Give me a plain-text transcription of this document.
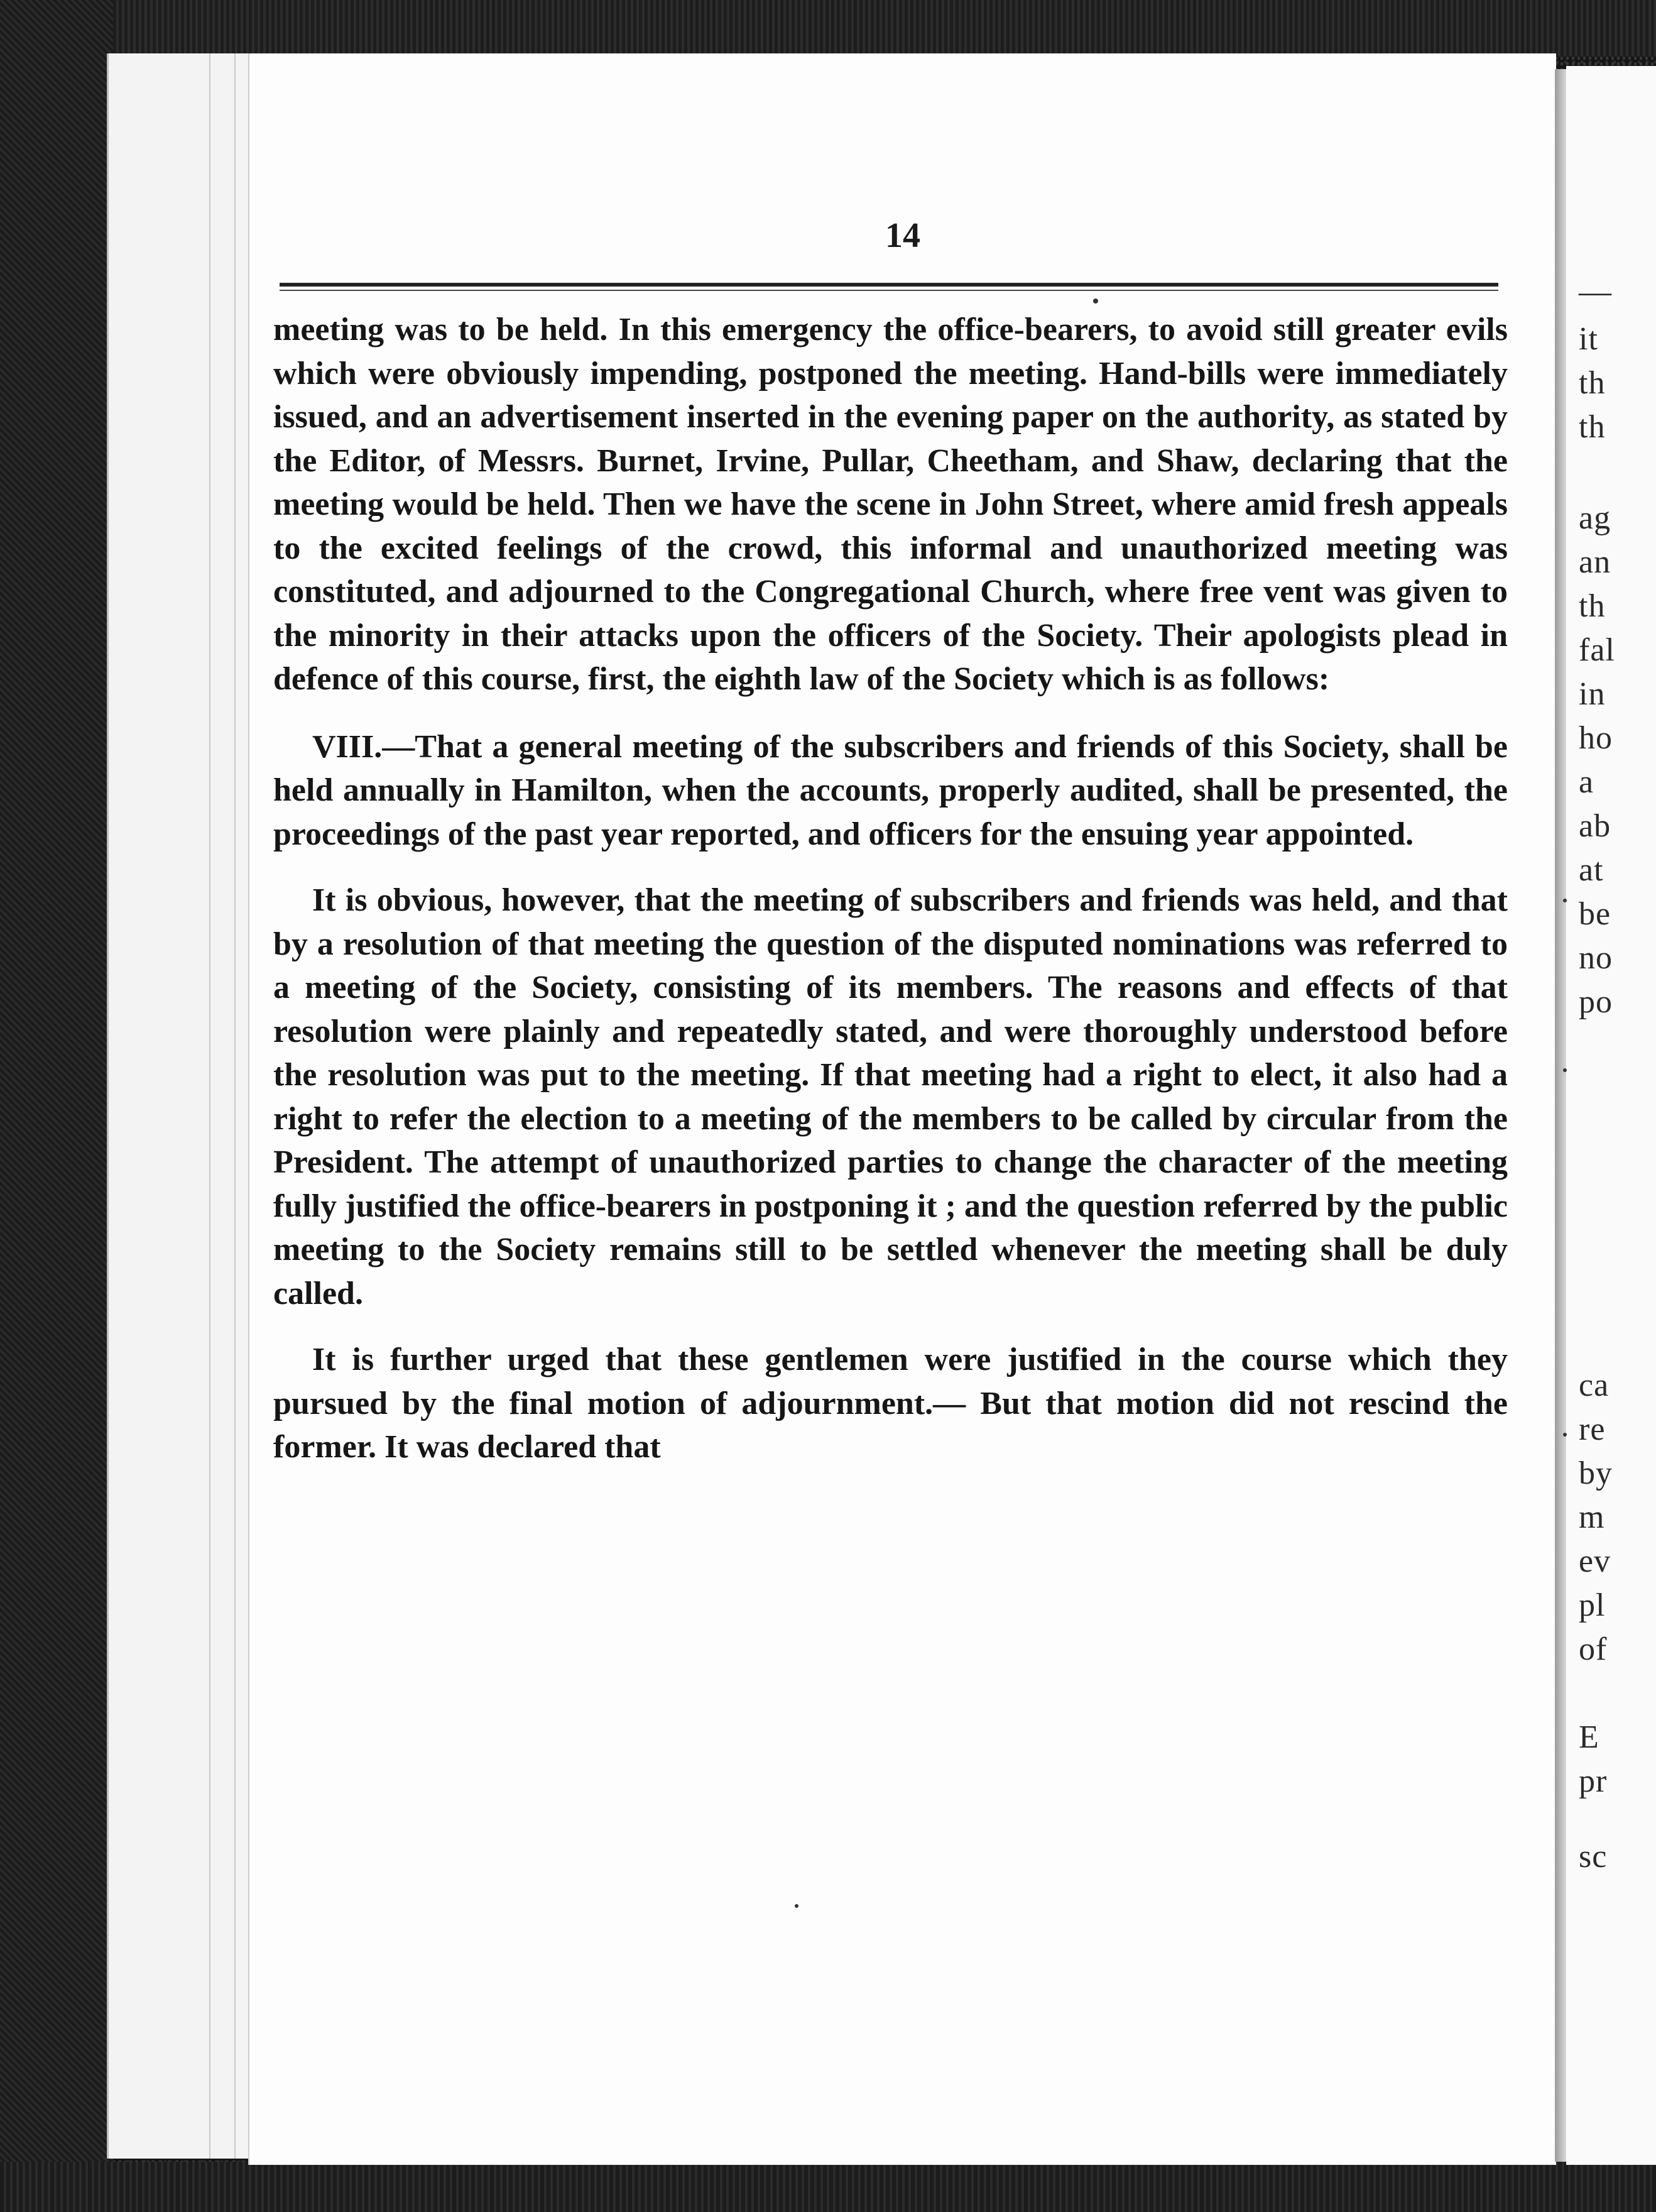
14

meeting was to be held. In this emergency the office-bearers, to avoid still greater evils which were obviously impending, postponed the meeting. Hand-bills were immediately issued, and an advertisement inserted in the evening paper on the authority, as stated by the Editor, of Messrs. Burnet, Irvine, Pullar, Cheetham, and Shaw, declaring that the meeting would be held. Then we have the scene in John Street, where amid fresh appeals to the excited feelings of the crowd, this informal and unauthorized meeting was constituted, and adjourned to the Congregational Church, where free vent was given to the minority in their attacks upon the officers of the Society. Their apologists plead in defence of this course, first, the eighth law of the Society which is as follows:

VIII.—That a general meeting of the subscribers and friends of this Society, shall be held annually in Hamilton, when the accounts, properly audited, shall be presented, the proceedings of the past year reported, and officers for the ensuing year appointed.

It is obvious, however, that the meeting of subscribers and friends was held, and that by a resolution of that meeting the question of the disputed nominations was referred to a meeting of the Society, consisting of its members. The reasons and effects of that resolution were plainly and repeatedly stated, and were thoroughly understood before the resolution was put to the meeting. If that meeting had a right to elect, it also had a right to refer the election to a meeting of the members to be called by circular from the President. The attempt of unauthorized parties to change the character of the meeting fully justified the office-bearers in postponing it ; and the question referred by the public meeting to the Society remains still to be settled whenever the meeting shall be duly called.

It is further urged that these gentlemen were justified in the course which they pursued by the final motion of adjournment.— But that motion did not rescind the former. It was declared that

—
it
th
th
ag
an
th
fal
in
ho
a
ab
at
be
no
po
ca
re
by
m
ev
pl
of
E
pr
sc
